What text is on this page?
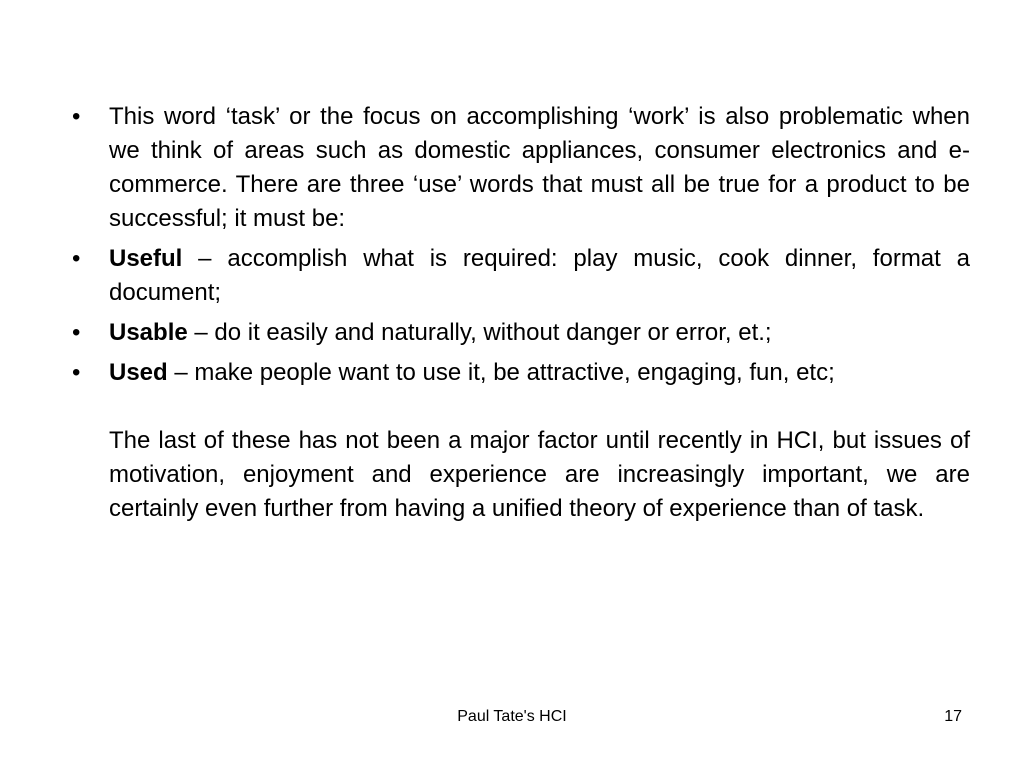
•	This word ‘task’ or the focus on accomplishing ‘work’ is also problematic when we think of areas such as domestic appliances, consumer electronics and e-commerce. There are three ‘use’ words that must all be true for a product to be successful; it must be:
•	Useful – accomplish what is required: play music, cook dinner, format a document;
•	Usable – do it easily and naturally, without danger or error, et.;
•	Used – make people want to use it, be attractive, engaging, fun, etc;
The last of these has not been a major factor until recently in HCI, but issues of motivation, enjoyment and experience are increasingly important, we are certainly even further from having a unified theory of experience than of task.
Paul Tate's HCI	17
